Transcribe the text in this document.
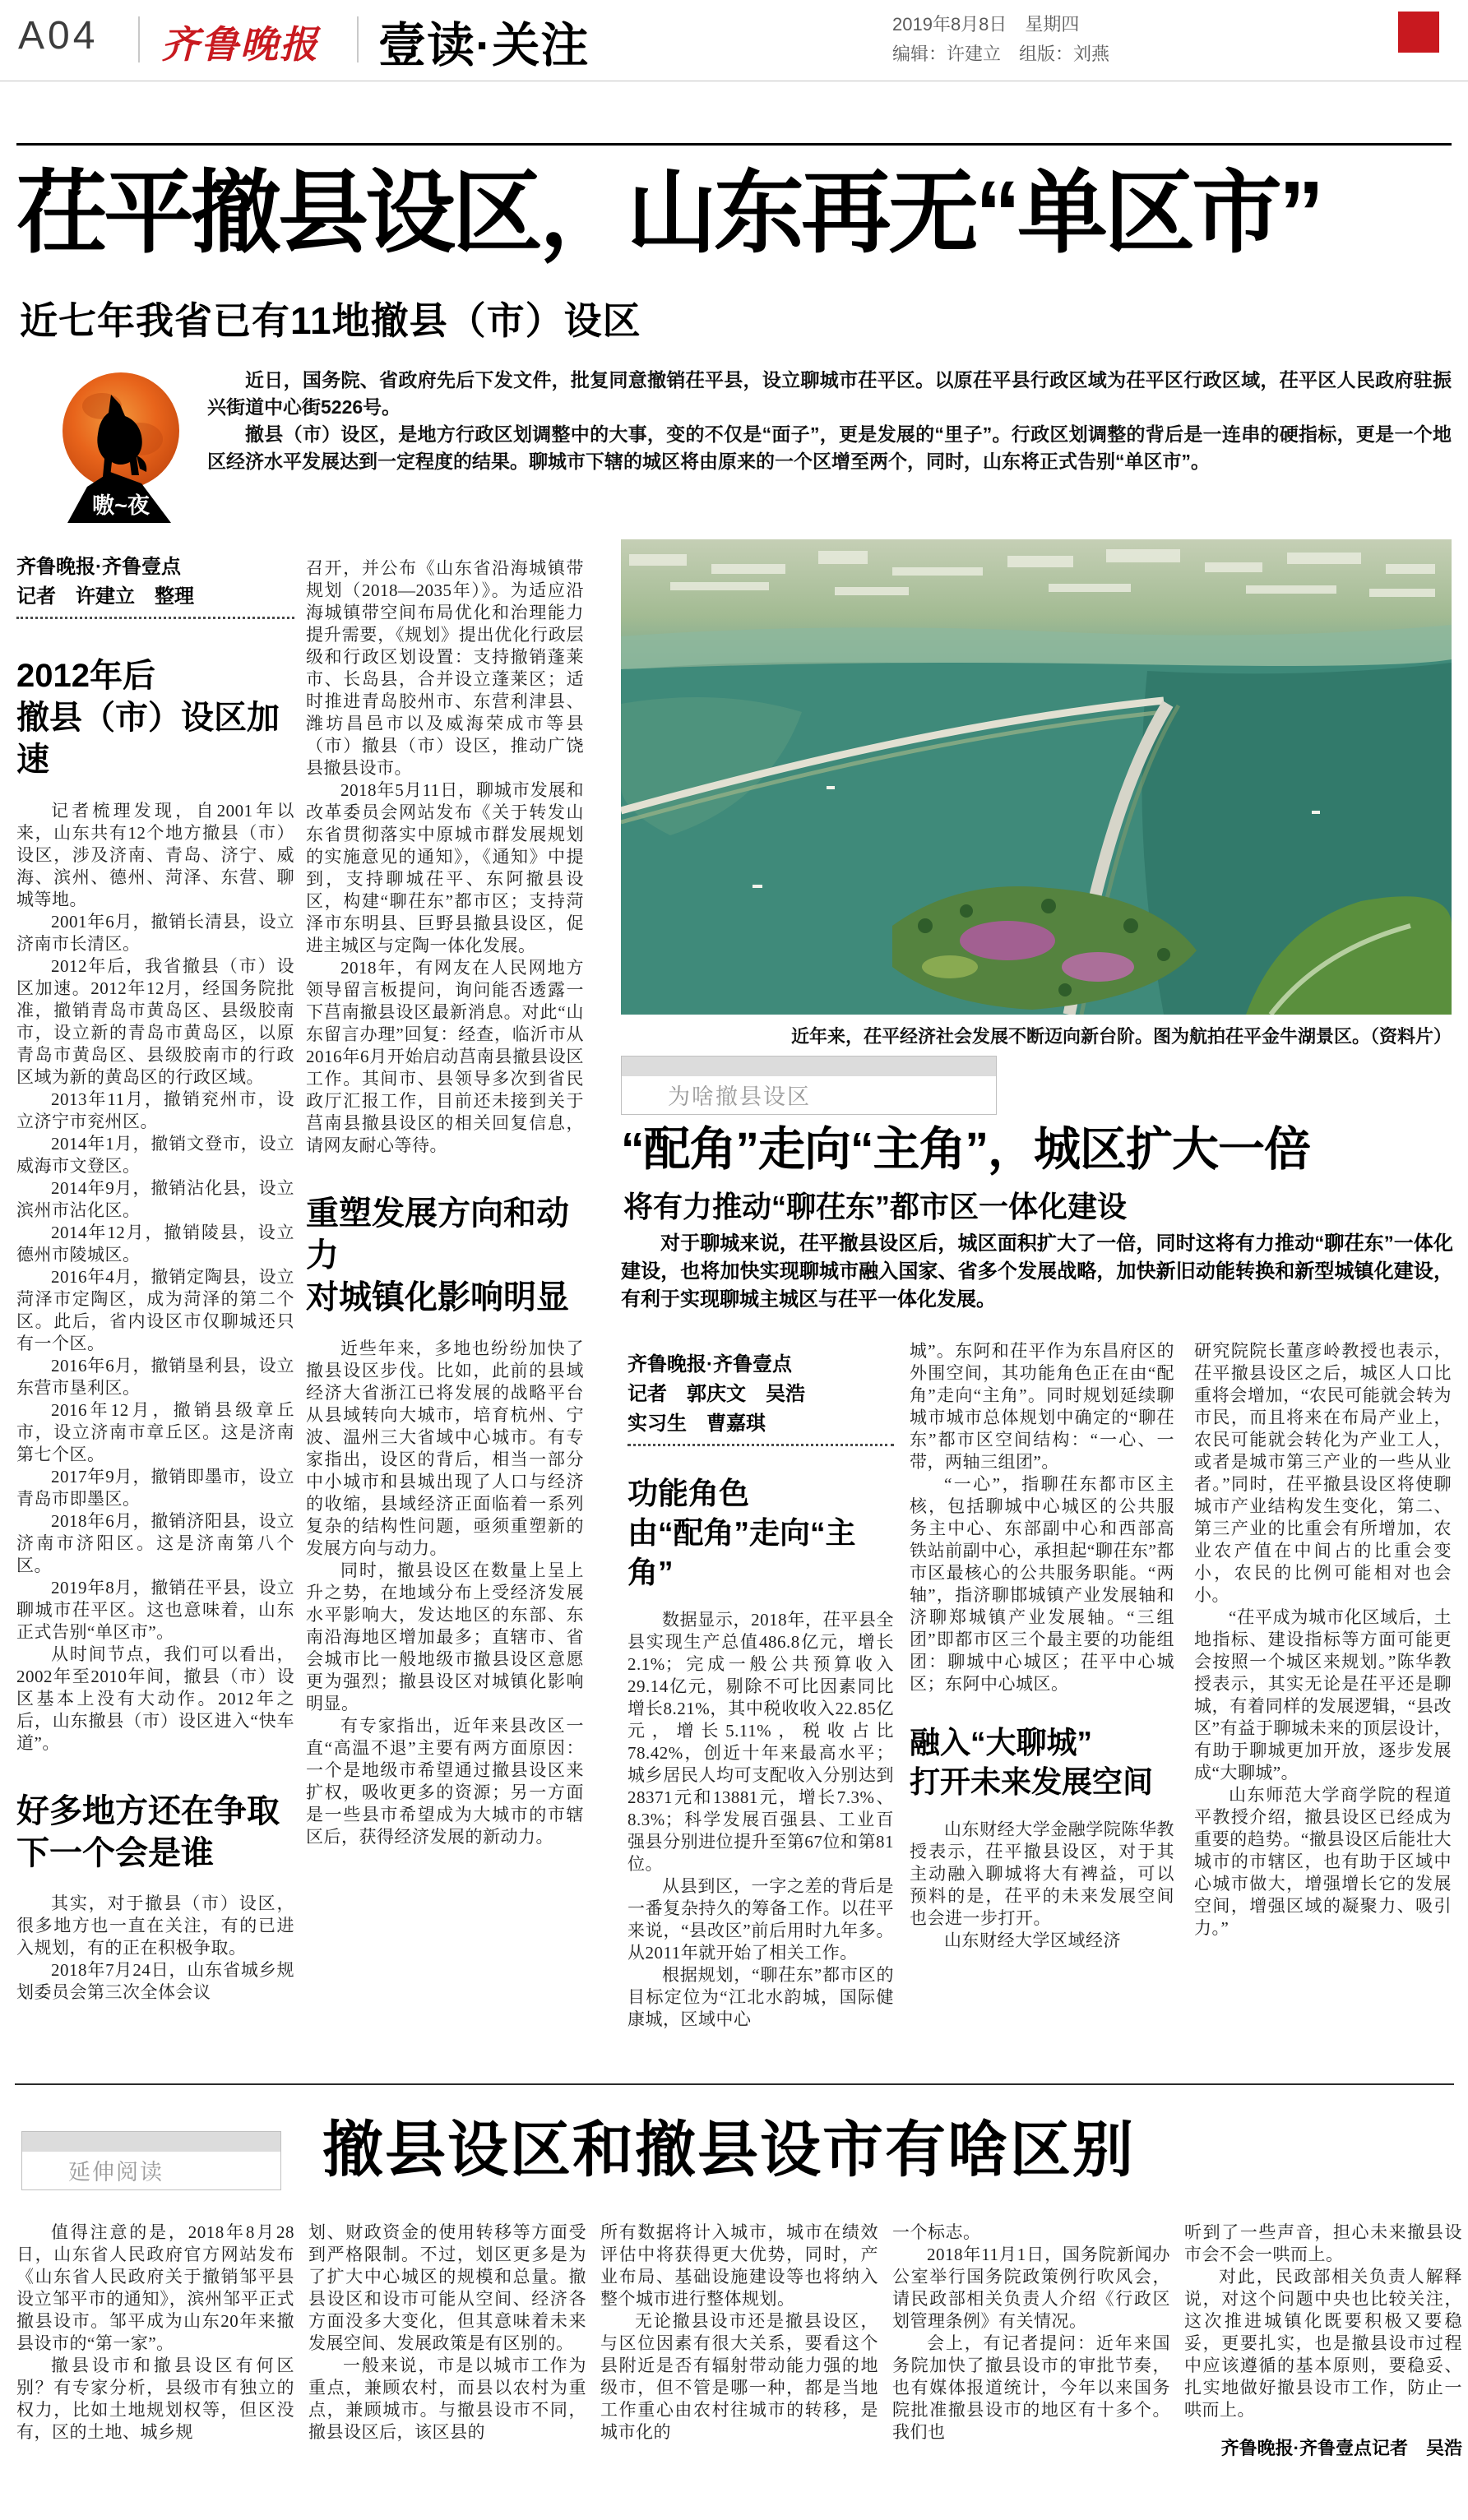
A04 齐鲁晚报 壹读·关注	2019年8月8日　星期四
编辑：许建立　组版：刘燕
茌平撤县设区，山东再无“单区市”
近七年我省已有11地撤县（市）设区
嗷~夜

近日，国务院、省政府先后下发文件，批复同意撤销茌平县，设立聊城市茌平区。以原茌平县行政区域为茌平区行政区域，茌平区人民政府驻振兴街道中心街5226号。

撤县（市）设区，是地方行政区划调整中的大事，变的不仅是“面子”，更是发展的“里子”。行政区划调整的背后是一连串的硬指标，更是一个地区经济水平发展达到一定程度的结果。聊城市下辖的城区将由原来的一个区增至两个，同时，山东将正式告别“单区市”。

齐鲁晚报·齐鲁壹点
记者　许建立　整理
2012年后
撤县（市）设区加速

记者梳理发现，自2001年以来，山东共有12个地方撤县（市）设区，涉及济南、青岛、济宁、威海、滨州、德州、菏泽、东营、聊城等地。

2001年6月，撤销长清县，设立济南市长清区。

2012年后，我省撤县（市）设区加速。2012年12月，经国务院批准，撤销青岛市黄岛区、县级胶南市，设立新的青岛市黄岛区，以原青岛市黄岛区、县级胶南市的行政区域为新的黄岛区的行政区域。

2013年11月，撤销兖州市，设立济宁市兖州区。

2014年1月，撤销文登市，设立威海市文登区。

2014年9月，撤销沾化县，设立滨州市沾化区。

2014年12月，撤销陵县，设立德州市陵城区。

2016年4月，撤销定陶县，设立菏泽市定陶区，成为菏泽的第二个区。此后，省内设区市仅聊城还只有一个区。

2016年6月，撤销垦利县，设立东营市垦利区。

2016年12月，撤销县级章丘市，设立济南市章丘区。这是济南第七个区。

2017年9月，撤销即墨市，设立青岛市即墨区。

2018年6月，撤销济阳县，设立济南市济阳区。这是济南第八个区。

2019年8月，撤销茌平县，设立聊城市茌平区。这也意味着，山东正式告别“单区市”。

从时间节点，我们可以看出，2002年至2010年间，撤县（市）设区基本上没有大动作。2012年之后，山东撤县（市）设区进入“快车道”。

好多地方还在争取
下一个会是谁

其实，对于撤县（市）设区，很多地方也一直在关注，有的已进入规划，有的正在积极争取。

2018年7月24日，山东省城乡规划委员会第三次全体会议

召开，并公布《山东省沿海城镇带规划（2018—2035年）》。为适应沿海城镇带空间布局优化和治理能力提升需要，《规划》提出优化行政层级和行政区划设置：支持撤销蓬莱市、长岛县，合并设立蓬莱区；适时推进青岛胶州市、东营利津县、潍坊昌邑市以及威海荣成市等县（市）撤县（市）设区，推动广饶县撤县设市。

2018年5月11日，聊城市发展和改革委员会网站发布《关于转发山东省贯彻落实中原城市群发展规划的实施意见的通知》，《通知》中提到，支持聊城茌平、东阿撤县设区，构建“聊茌东”都市区；支持菏泽市东明县、巨野县撤县设区，促进主城区与定陶一体化发展。

2018年，有网友在人民网地方领导留言板提问，询问能否透露一下莒南撤县设区最新消息。对此“山东留言办理”回复：经查，临沂市从2016年6月开始启动莒南县撤县设区工作。其间市、县领导多次到省民政厅汇报工作，目前还未接到关于莒南县撤县设区的相关回复信息，请网友耐心等待。

重塑发展方向和动力
对城镇化影响明显

近些年来，多地也纷纷加快了撤县设区步伐。比如，此前的县域经济大省浙江已将发展的战略平台从县域转向大城市，培育杭州、宁波、温州三大省域中心城市。有专家指出，设区的背后，相当一部分中小城市和县城出现了人口与经济的收缩，县域经济正面临着一系列复杂的结构性问题，亟须重塑新的发展方向与动力。

同时，撤县设区在数量上呈上升之势，在地域分布上受经济发展水平影响大，发达地区的东部、东南沿海地区增加最多；直辖市、省会城市比一般地级市撤县设区意愿更为强烈；撤县设区对城镇化影响明显。

有专家指出，近年来县改区一直“高温不退”主要有两方面原因：一个是地级市希望通过撤县设区来扩权，吸收更多的资源；另一方面是一些县市希望成为大城市的市辖区后，获得经济发展的新动力。

近年来，茌平经济社会发展不断迈向新台阶。图为航拍茌平金牛湖景区。（资料片）
为啥撤县设区
“配角”走向“主角”，城区扩大一倍
将有力推动“聊茌东”都市区一体化建设

对于聊城来说，茌平撤县设区后，城区面积扩大了一倍，同时这将有力推动“聊茌东”一体化建设，也将加快实现聊城市融入国家、省多个发展战略，加快新旧动能转换和新型城镇化建设，有利于实现聊城主城区与茌平一体化发展。

齐鲁晚报·齐鲁壹点
记者　郭庆文　吴浩
实习生　曹嘉琪
功能角色
由“配角”走向“主角”

数据显示，2018年，茌平县全县实现生产总值486.8亿元，增长2.1%；完成一般公共预算收入29.14亿元，剔除不可比因素同比增长8.21%，其中税收收入22.85亿元，增长5.11%，税收占比78.42%，创近十年来最高水平；城乡居民人均可支配收入分别达到28371元和13881元，增长7.3%、8.3%；科学发展百强县、工业百强县分别进位提升至第67位和第81位。

从县到区，一字之差的背后是一番复杂持久的筹备工作。以茌平来说，“县改区”前后用时九年多。从2011年就开始了相关工作。

根据规划，“聊茌东”都市区的目标定位为“江北水韵城，国际健康城，区域中心

城”。东阿和茌平作为东昌府区的外围空间，其功能角色正在由“配角”走向“主角”。同时规划延续聊城市城市总体规划中确定的“聊茌东”都市区空间结构：“一心、一带，两轴三组团”。

“一心”，指聊茌东都市区主核，包括聊城中心城区的公共服务主中心、东部副中心和西部高铁站前副中心，承担起“聊茌东”都市区最核心的公共服务职能。“两轴”，指济聊邯城镇产业发展轴和济聊郑城镇产业发展轴。“三组团”即都市区三个最主要的功能组团：聊城中心城区；茌平中心城区；东阿中心城区。

融入“大聊城”
打开未来发展空间

山东财经大学金融学院陈华教授表示，茌平撤县设区，对于其主动融入聊城将大有裨益，可以预料的是，茌平的未来发展空间也会进一步打开。

山东财经大学区域经济

研究院院长董彦岭教授也表示，茌平撤县设区之后，城区人口比重将会增加，“农民可能就会转为市民，而且将来在布局产业上，农民可能就会转化为产业工人，或者是城市第三产业的一些从业者。”同时，茌平撤县设区将使聊城市产业结构发生变化，第二、第三产业的比重会有所增加，农业农产值在中间占的比重会变小，农民的比例可能相对也会小。

“茌平成为城市化区域后，土地指标、建设指标等方面可能更会按照一个城区来规划。”陈华教授表示，其实无论是茌平还是聊城，有着同样的发展逻辑，“县改区”有益于聊城未来的顶层设计，有助于聊城更加开放，逐步发展成“大聊城”。

山东师范大学商学院的程道平教授介绍，撤县设区已经成为重要的趋势。“撤县设区后能壮大城市的市辖区，也有助于区域中心城市做大，增强增长它的发展空间，增强区域的凝聚力、吸引力。”

延伸阅读	撤县设区和撤县设市有啥区别

值得注意的是，2018年8月28日，山东省人民政府官方网站发布《山东省人民政府关于撤销邹平县设立邹平市的通知》，滨州邹平正式撤县设市。邹平成为山东20年来撤县设市的“第一家”。

撤县设市和撤县设区有何区别？有专家分析，县级市有独立的权力，比如土地规划权等，但区没有，区的土地、城乡规

划、财政资金的使用转移等方面受到严格限制。不过，划区更多是为了扩大中心城区的规模和总量。撤县设区和设市可能从空间、经济各方面没多大变化，但其意味着未来发展空间、发展政策是有区别的。

一般来说，市是以城市工作为重点，兼顾农村，而县以农村为重点，兼顾城市。与撤县设市不同，撤县设区后，该区县的

所有数据将计入城市，城市在绩效评估中将获得更大优势，同时，产业布局、基础设施建设等也将纳入整个城市进行整体规划。

无论撤县设市还是撤县设区，与区位因素有很大关系，要看这个县附近是否有辐射带动能力强的地级市，但不管是哪一种，都是当地工作重心由农村往城市的转移，是城市化的

一个标志。

2018年11月1日，国务院新闻办公室举行国务院政策例行吹风会，请民政部相关负责人介绍《行政区划管理条例》有关情况。

会上，有记者提问：近年来国务院加快了撤县设市的审批节奏，也有媒体报道统计，今年以来国务院批准撤县设市的地区有十多个。我们也

听到了一些声音，担心未来撤县设市会不会一哄而上。

对此，民政部相关负责人解释说，对这个问题中央也比较关注，这次推进城镇化既要积极又要稳妥，更要扎实，也是撤县设市过程中应该遵循的基本原则，要稳妥、扎实地做好撤县设市工作，防止一哄而上。

齐鲁晚报·齐鲁壹点记者　吴浩
